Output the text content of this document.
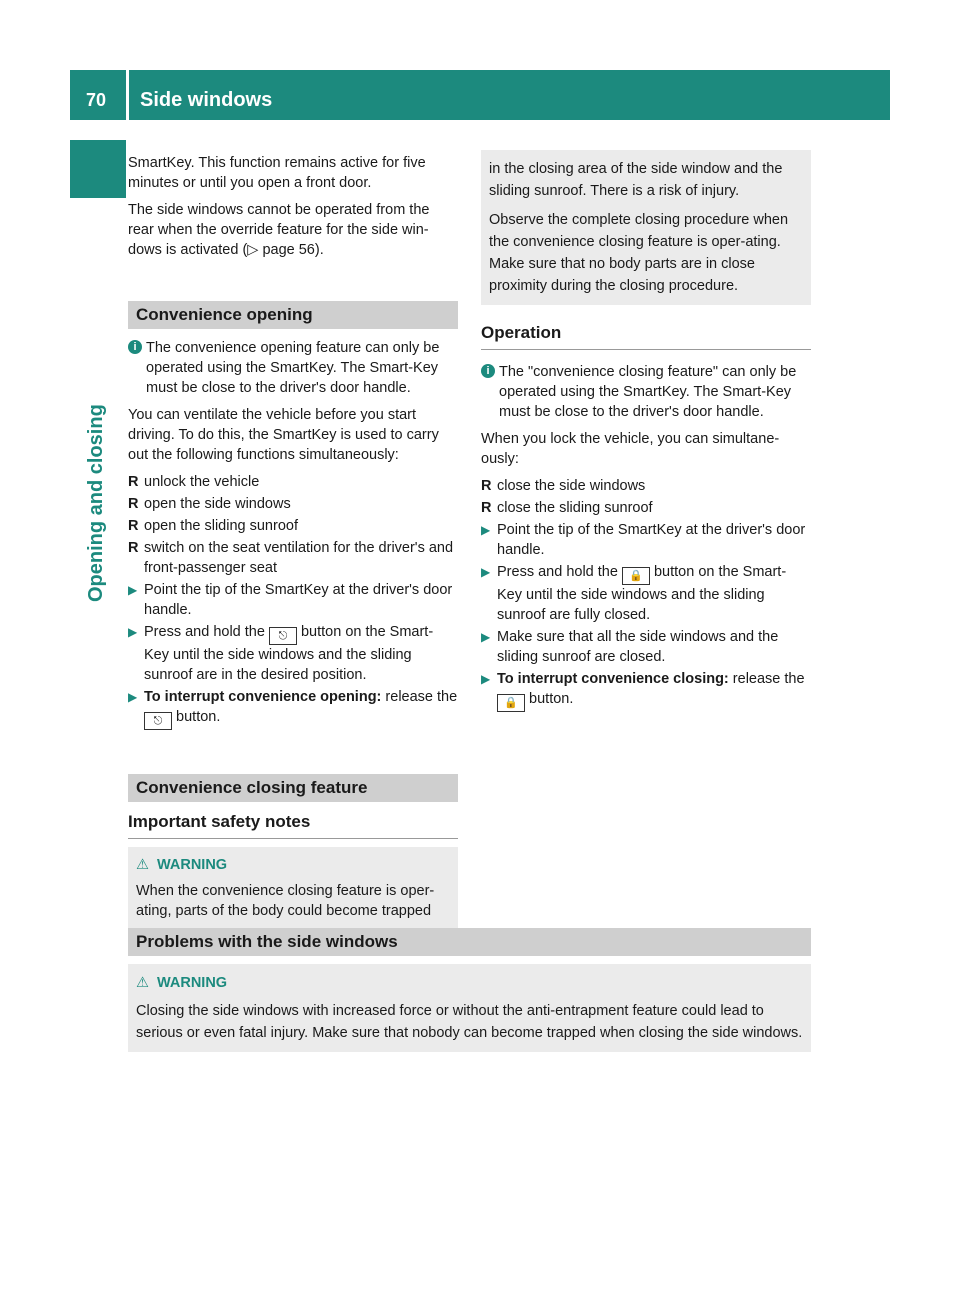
70 Side windows
Opening and closing

SmartKey. This function remains active for five minutes or until you open a front door.

The side windows cannot be operated from the rear when the override feature for the side win-dows is activated (▷ page 56).

Convenience opening
i The convenience opening feature can only be operated using the SmartKey. The Smart-Key must be close to the driver's door handle.

You can ventilate the vehicle before you start driving. To do this, the SmartKey is used to carry out the following functions simultaneously:

R unlock the vehicle
R open the side windows
R open the sliding sunroof
R switch on the seat ventilation for the driver's and front-passenger seat
▶ Point the tip of the SmartKey at the driver's door handle.
▶ Press and hold the ⎋ button on the Smart-Key until the side windows and the sliding sunroof are in the desired position.
▶ To interrupt convenience opening: release the ⎋ button.
Convenience closing feature
Important safety notes
⚠ WARNING
When the convenience closing feature is oper-ating, parts of the body could become trapped

in the closing area of the side window and the sliding sunroof. There is a risk of injury.

Observe the complete closing procedure when the convenience closing feature is oper-ating. Make sure that no body parts are in close proximity during the closing procedure.
Operation
i The "convenience closing feature" can only be operated using the SmartKey. The Smart-Key must be close to the driver's door handle.

When you lock the vehicle, you can simultane-ously:

R close the side windows
R close the sliding sunroof
▶ Point the tip of the SmartKey at the driver's door handle.
▶ Press and hold the 🔒 button on the Smart-Key until the side windows and the sliding sunroof are fully closed.
▶ Make sure that all the side windows and the sliding sunroof are closed.
▶ To interrupt convenience closing: release the 🔒 button.
Problems with the side windows
⚠ WARNING
Closing the side windows with increased force or without the anti-entrapment feature could lead to serious or even fatal injury. Make sure that nobody can become trapped when closing the side windows.
